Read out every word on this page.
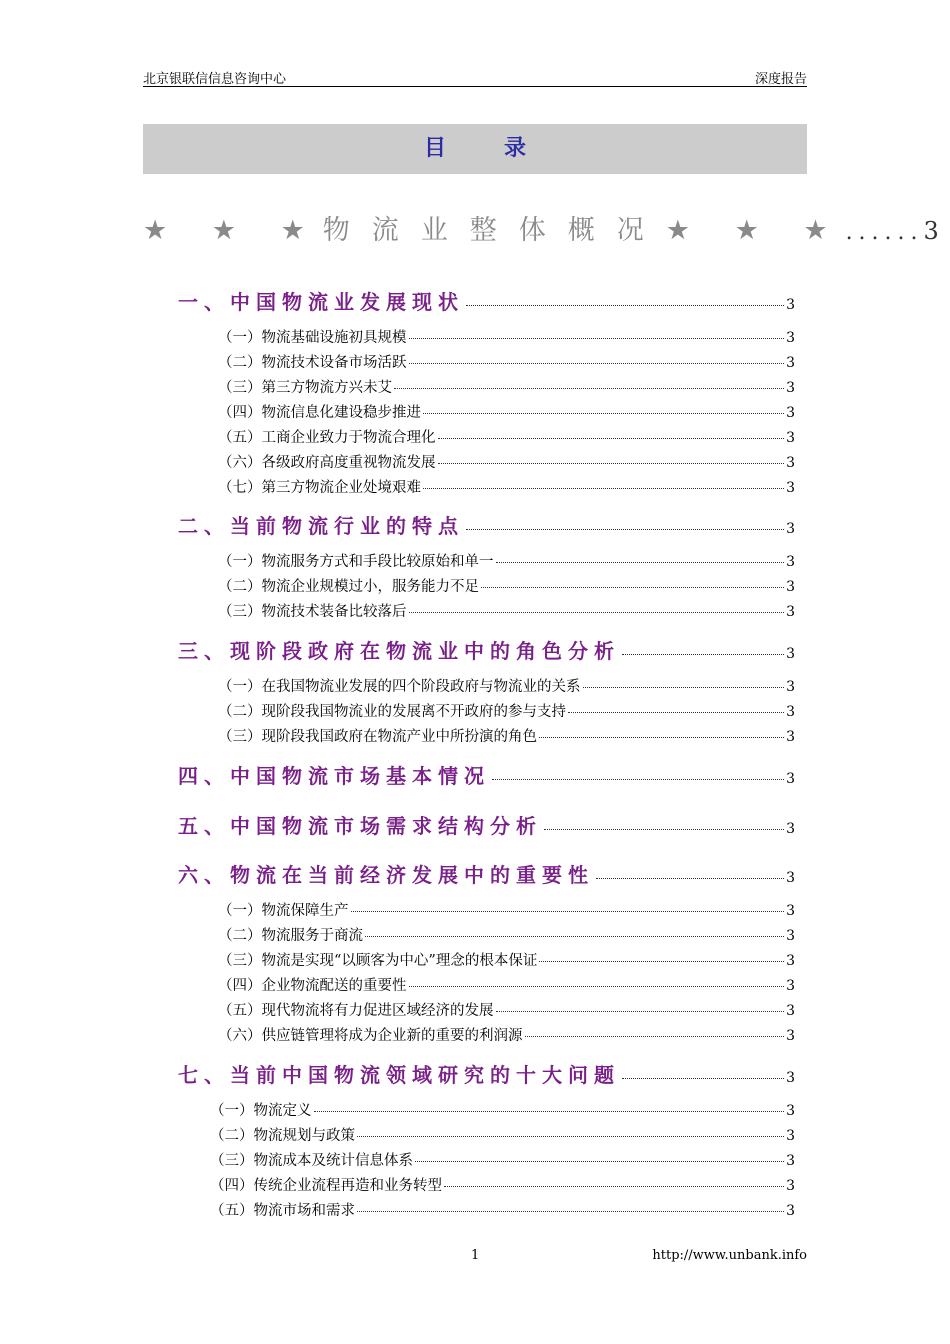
北京银联信信息咨询中心	深度报告
目录
★ ★ ★物流业整体概况★ ★ ★......3
一、中国物流业发展现状	3
（一）物流基础设施初具规模	3
（二）物流技术设备市场活跃	3
（三）第三方物流方兴未艾	3
（四）物流信息化建设稳步推进	3
（五）工商企业致力于物流合理化	3
（六）各级政府高度重视物流发展	3
（七）第三方物流企业处境艰难	3
二、当前物流行业的特点	3
（一）物流服务方式和手段比较原始和单一	3
（二）物流企业规模过小，服务能力不足	3
（三）物流技术装备比较落后	3
三、现阶段政府在物流业中的角色分析	3
（一）在我国物流业发展的四个阶段政府与物流业的关系	3
（二）现阶段我国物流业的发展离不开政府的参与支持	3
（三）现阶段我国政府在物流产业中所扮演的角色	3
四、中国物流市场基本情况	3
五、中国物流市场需求结构分析	3
六、物流在当前经济发展中的重要性	3
（一）物流保障生产	3
（二）物流服务于商流	3
（三）物流是实现“以顾客为中心”理念的根本保证	3
（四）企业物流配送的重要性	3
（五）现代物流将有力促进区域经济的发展	3
（六）供应链管理将成为企业新的重要的利润源	3
七、当前中国物流领域研究的十大问题	3
（一）物流定义	3
（二）物流规划与政策	3
（三）物流成本及统计信息体系	3
（四）传统企业流程再造和业务转型	3
（五）物流市场和需求	3
1	http://www.unbank.info
